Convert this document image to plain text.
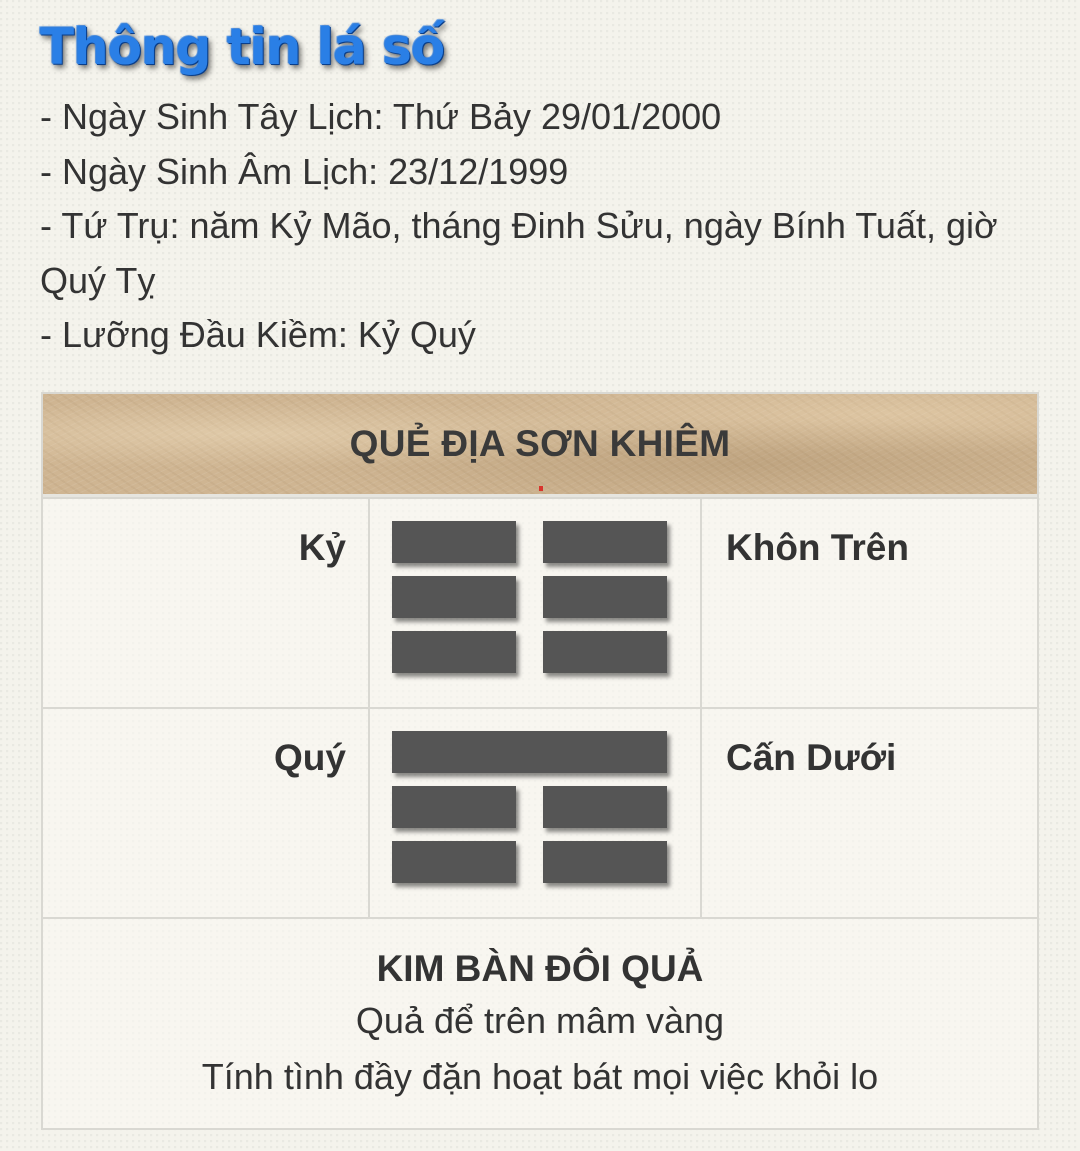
Thông tin lá số
- Ngày Sinh Tây Lịch: Thứ Bảy 29/01/2000
- Ngày Sinh Âm Lịch: 23/12/1999
- Tứ Trụ: năm Kỷ Mão, tháng Đinh Sửu, ngày Bính Tuất, giờ
Quý Tỵ
- Lưỡng Đầu Kiềm: Kỷ Quý
QUẺ ĐỊA SƠN KHIÊM
Kỷ	Khôn Trên
Quý	Cấn Dưới
KIM BÀN ĐÔI QUẢ
Quả để trên mâm vàng
Tính tình đầy đặn hoạt bát mọi việc khỏi lo
